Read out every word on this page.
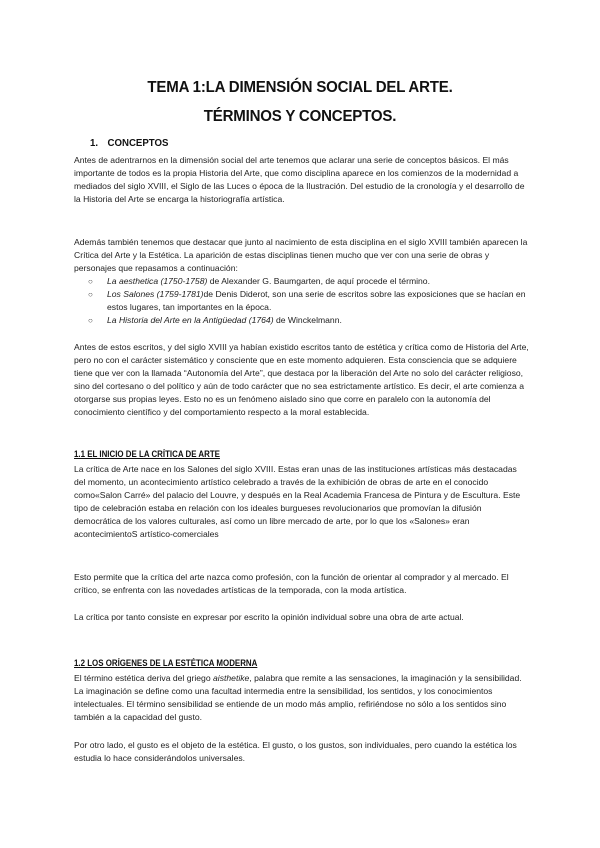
TEMA 1:LA DIMENSIÓN SOCIAL DEL ARTE.
TÉRMINOS Y CONCEPTOS.
1. CONCEPTOS

Antes de adentrarnos en la dimensión social del arte tenemos que aclarar una serie de conceptos básicos. El más importante de todos es la propia Historia del Arte, que como disciplina aparece en los comienzos de la modernidad a mediados del siglo XVIII, el Siglo de las Luces o época de la Ilustración. Del estudio de la cronología y el desarrollo de la Historia del Arte se encarga la historiografía artística.

Además también tenemos que destacar que junto al nacimiento de esta disciplina en el siglo XVIII también aparecen la Crítica del Arte y la Estética. La aparición de estas disciplinas tienen mucho que ver con una serie de obras y personajes que repasamos a continuación:

○ La aesthetica (1750-1758) de Alexander G. Baumgarten, de aquí procede el término.
○ Los Salones (1759-1781)de Denis Diderot, son una serie de escritos sobre las exposiciones que se hacían en estos lugares, tan importantes en la época.
○ La Historia del Arte en la Antigüedad (1764) de Winckelmann.

Antes de estos escritos, y del siglo XVIII ya habían existido escritos tanto de estética y crítica como de Historia del Arte, pero no con el carácter sistemático y consciente que en este momento adquieren. Esta consciencia que se adquiere tiene que ver con la llamada “Autonomía del Arte”, que destaca por la liberación del Arte no solo del carácter religioso, sino del cortesano o del político y aún de todo carácter que no sea estrictamente artístico. Es decir, el arte comienza a otorgarse sus propias leyes. Esto no es un fenómeno aislado sino que corre en paralelo con la autonomía del conocimiento científico y del comportamiento respecto a la moral establecida.

1.1 EL INICIO DE LA CRÍTICA DE ARTE

La crítica de Arte nace en los Salones del siglo XVIII. Estas eran unas de las instituciones artísticas más destacadas del momento, un acontecimiento artístico celebrado a través de la exhibición de obras de arte en el conocido como«Salon Carré» del palacio del Louvre, y después en la Real Academia Francesa de Pintura y de Escultura. Este tipo de celebración estaba en relación con los ideales burgueses revolucionarios que promovían la difusión democrática de los valores culturales, así como un libre mercado de arte, por lo que los «Salones» eran acontecimientoS artístico-comerciales

Esto permite que la crítica del arte nazca como profesión, con la función de orientar al comprador y al mercado. El crítico, se enfrenta con las novedades artísticas de la temporada, con la moda artística.

La crítica por tanto consiste en expresar por escrito la opinión individual sobre una obra de arte actual.

1.2 LOS ORÍGENES DE LA ESTÉTICA MODERNA

El término estética deriva del griego aisthetike, palabra que remite a las sensaciones, la imaginación y la sensibilidad. La imaginación se define como una facultad intermedia entre la sensibilidad, los sentidos, y los conocimientos intelectuales. El término sensibilidad se entiende de un modo más amplio, refiriéndose no sólo a los sentidos sino también a la capacidad del gusto.

Por otro lado, el gusto es el objeto de la estética. El gusto, o los gustos, son individuales, pero cuando la estética los estudia lo hace considerándolos universales.
